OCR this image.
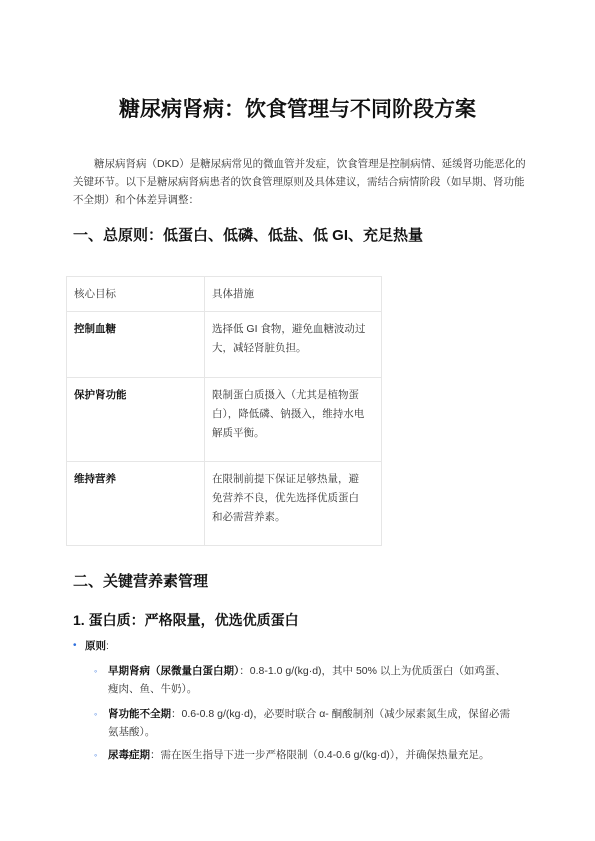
糖尿病肾病：饮食管理与不同阶段方案

糖尿病肾病（DKD）是糖尿病常见的微血管并发症，饮食管理是控制病情、延缓肾功能恶化的关键环节。以下是糖尿病肾病患者的饮食管理原则及具体建议，需结合病情阶段（如早期、肾功能不全期）和个体差异调整：

一、总原则：低蛋白、低磷、低盐、低 GI、充足热量
核心目标	具体措施
控制血糖	选择低 GI 食物，避免血糖波动过大，减轻肾脏负担。
保护肾功能	限制蛋白质摄入（尤其是植物蛋白），降低磷、钠摄入，维持水电解质平衡。
维持营养	在限制前提下保证足够热量，避免营养不良，优先选择优质蛋白和必需营养素。
二、关键营养素管理
1. 蛋白质：严格限量，优选优质蛋白
• 原则:
◦ 早期肾病（尿微量白蛋白期）：0.8-1.0 g/(kg·d)，其中 50% 以上为优质蛋白（如鸡蛋、瘦肉、鱼、牛奶）。
◦ 肾功能不全期：0.6-0.8 g/(kg·d)，必要时联合 α- 酮酸制剂（减少尿素氮生成，保留必需氨基酸）。
◦ 尿毒症期：需在医生指导下进一步严格限制（0.4-0.6 g/(kg·d)），并确保热量充足。
